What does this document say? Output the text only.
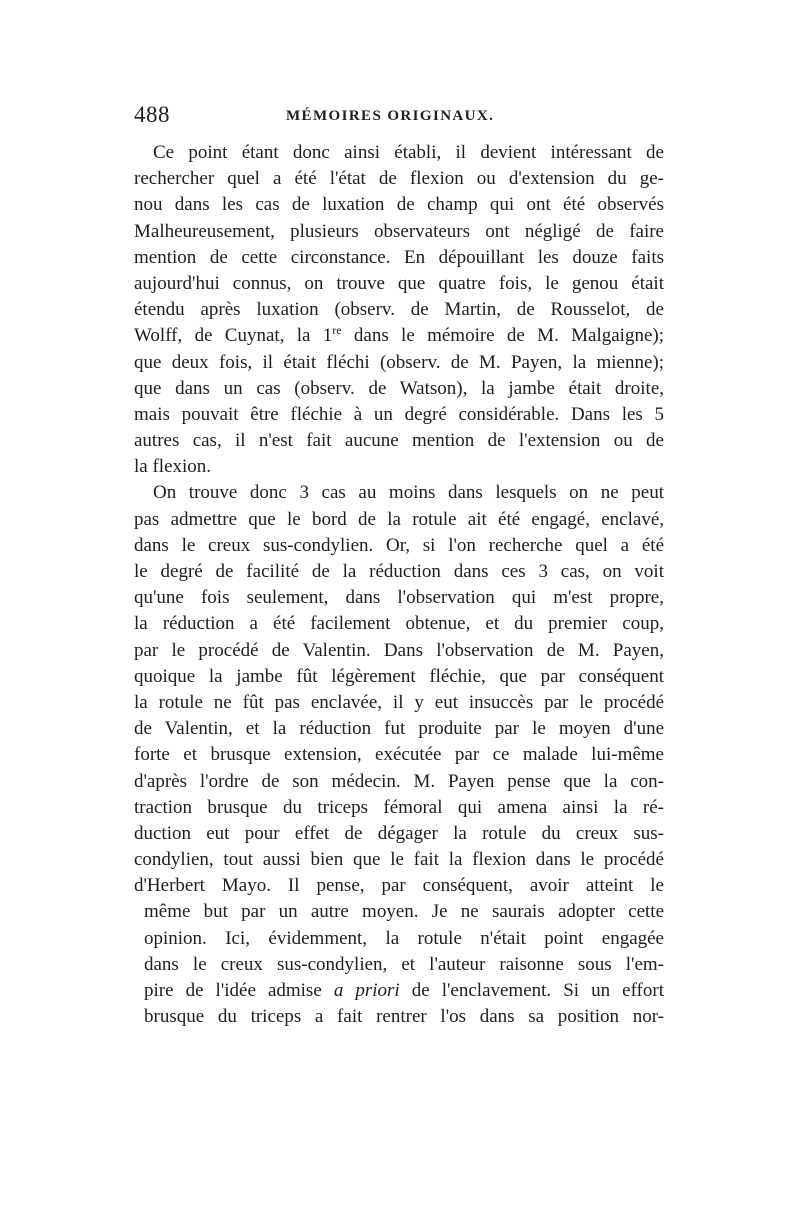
488	MÉMOIRES ORIGINAUX.
Ce point étant donc ainsi établi, il devient intéressant de
rechercher quel a été l'état de flexion ou d'extension du ge-
nou dans les cas de luxation de champ qui ont été observés
Malheureusement, plusieurs observateurs ont négligé de faire
mention de cette circonstance. En dépouillant les douze faits
aujourd'hui connus, on trouve que quatre fois, le genou était
étendu après luxation (observ. de Martin, de Rousselot, de
Wolff, de Cuynat, la 1re dans le mémoire de M. Malgaigne);
que deux fois, il était fléchi (observ. de M. Payen, la mienne);
que dans un cas (observ. de Watson), la jambe était droite,
mais pouvait être fléchie à un degré considérable. Dans les 5
autres cas, il n'est fait aucune mention de l'extension ou de
la flexion.
On trouve donc 3 cas au moins dans lesquels on ne peut
pas admettre que le bord de la rotule ait été engagé, enclavé,
dans le creux sus-condylien. Or, si l'on recherche quel a été
le degré de facilité de la réduction dans ces 3 cas, on voit
qu'une fois seulement, dans l'observation qui m'est propre,
la réduction a été facilement obtenue, et du premier coup,
par le procédé de Valentin. Dans l'observation de M. Payen,
quoique la jambe fût légèrement fléchie, que par conséquent
la rotule ne fût pas enclavée, il y eut insuccès par le procédé
de Valentin, et la réduction fut produite par le moyen d'une
forte et brusque extension, exécutée par ce malade lui-même
d'après l'ordre de son médecin. M. Payen pense que la con-
traction brusque du triceps fémoral qui amena ainsi la ré-
duction eut pour effet de dégager la rotule du creux sus-
condylien, tout aussi bien que le fait la flexion dans le procédé
d'Herbert Mayo. Il pense, par conséquent, avoir atteint le
même but par un autre moyen. Je ne saurais adopter cette
opinion. Ici, évidemment, la rotule n'était point engagée
dans le creux sus-condylien, et l'auteur raisonne sous l'em-
pire de l'idée admise a priori de l'enclavement. Si un effort
brusque du triceps a fait rentrer l'os dans sa position nor-
